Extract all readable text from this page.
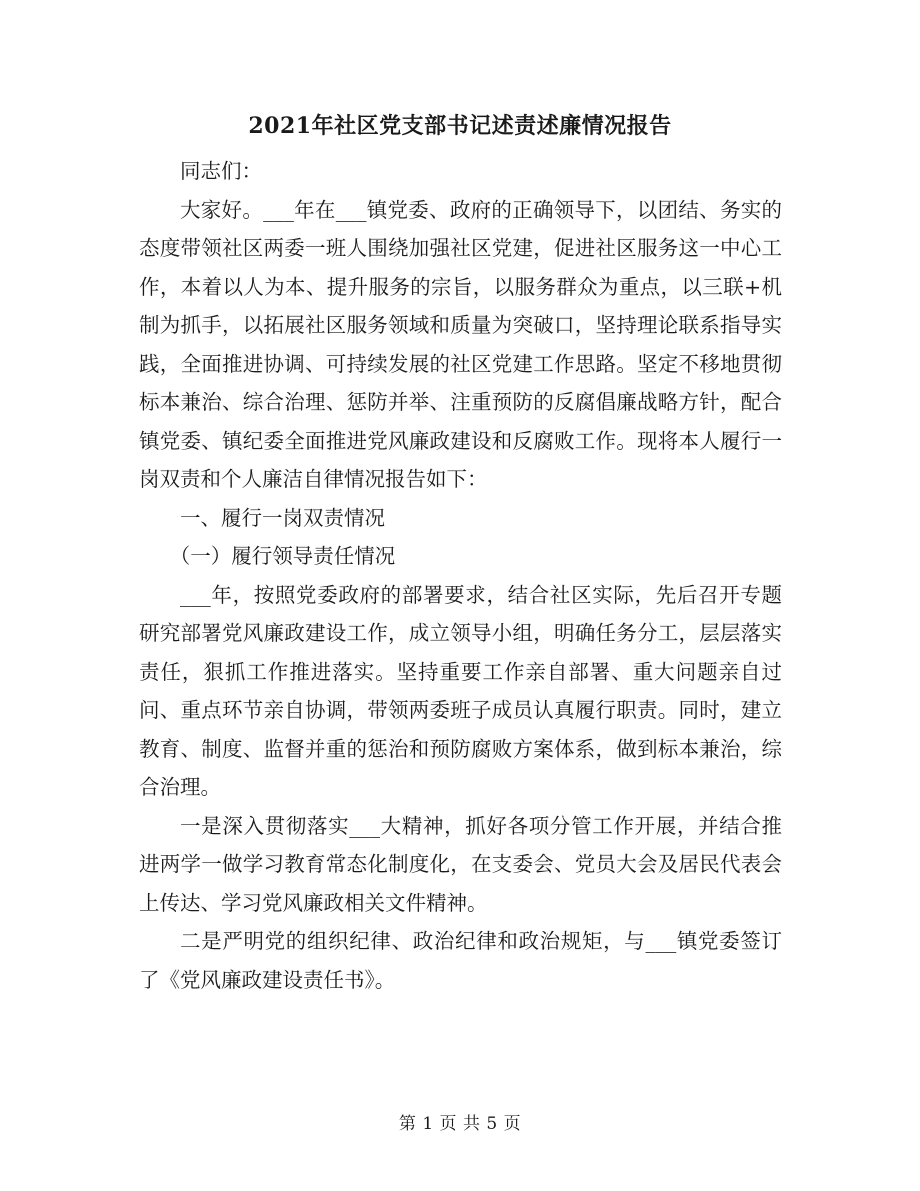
2021年社区党支部书记述责述廉情况报告

同志们：

大家好。___年在___镇党委、政府的正确领导下，以团结、务实的态度带领社区两委一班人围绕加强社区党建，促进社区服务这一中心工作，本着以人为本、提升服务的宗旨，以服务群众为重点，以三联+机制为抓手，以拓展社区服务领域和质量为突破口，坚持理论联系指导实践，全面推进协调、可持续发展的社区党建工作思路。坚定不移地贯彻标本兼治、综合治理、惩防并举、注重预防的反腐倡廉战略方针，配合镇党委、镇纪委全面推进党风廉政建设和反腐败工作。现将本人履行一岗双责和个人廉洁自律情况报告如下：

一、履行一岗双责情况

（一）履行领导责任情况

___年，按照党委政府的部署要求，结合社区实际，先后召开专题研究部署党风廉政建设工作，成立领导小组，明确任务分工，层层落实责任，狠抓工作推进落实。坚持重要工作亲自部署、重大问题亲自过问、重点环节亲自协调，带领两委班子成员认真履行职责。同时，建立教育、制度、监督并重的惩治和预防腐败方案体系，做到标本兼治，综合治理。

一是深入贯彻落实___大精神，抓好各项分管工作开展，并结合推进两学一做学习教育常态化制度化，在支委会、党员大会及居民代表会上传达、学习党风廉政相关文件精神。

二是严明党的组织纪律、政治纪律和政治规矩，与___镇党委签订了《党风廉政建设责任书》。

第 1 页 共 5 页
